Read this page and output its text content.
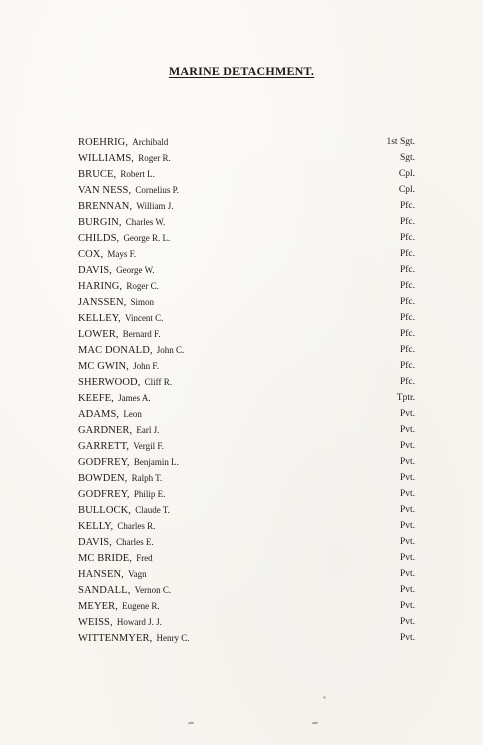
MARINE DETACHMENT.
ROEHRIG, Archibald	1st Sgt.
WILLIAMS, Roger R.	Sgt.
BRUCE, Robert L.	Cpl.
VAN NESS, Cornelius P.	Cpl.
BRENNAN, William J.	Pfc.
BURGIN, Charles W.	Pfc.
CHILDS, George R. L.	Pfc.
COX, Mays F.	Pfc.
DAVIS, George W.	Pfc.
HARING, Roger C.	Pfc.
JANSSEN, Simon	Pfc.
KELLEY, Vincent C.	Pfc.
LOWER, Bernard F.	Pfc.
MAC DONALD, John C.	Pfc.
MC GWIN, John F.	Pfc.
SHERWOOD, Cliff R.	Pfc.
KEEFE, James A.	Tptr.
ADAMS, Leon	Pvt.
GARDNER, Earl J.	Pvt.
GARRETT, Vergil F.	Pvt.
GODFREY, Benjamin L.	Pvt.
BOWDEN, Ralph T.	Pvt.
GODFREY, Philip E.	Pvt.
BULLOCK, Claude T.	Pvt.
KELLY, Charles R.	Pvt.
DAVIS, Charles E.	Pvt.
MC BRIDE, Fred	Pvt.
HANSEN, Vagn	Pvt.
SANDALL, Vernon C.	Pvt.
MEYER, Eugene R.	Pvt.
WEISS, Howard J. J.	Pvt.
WITTENMYER, Henry C.	Pvt.
